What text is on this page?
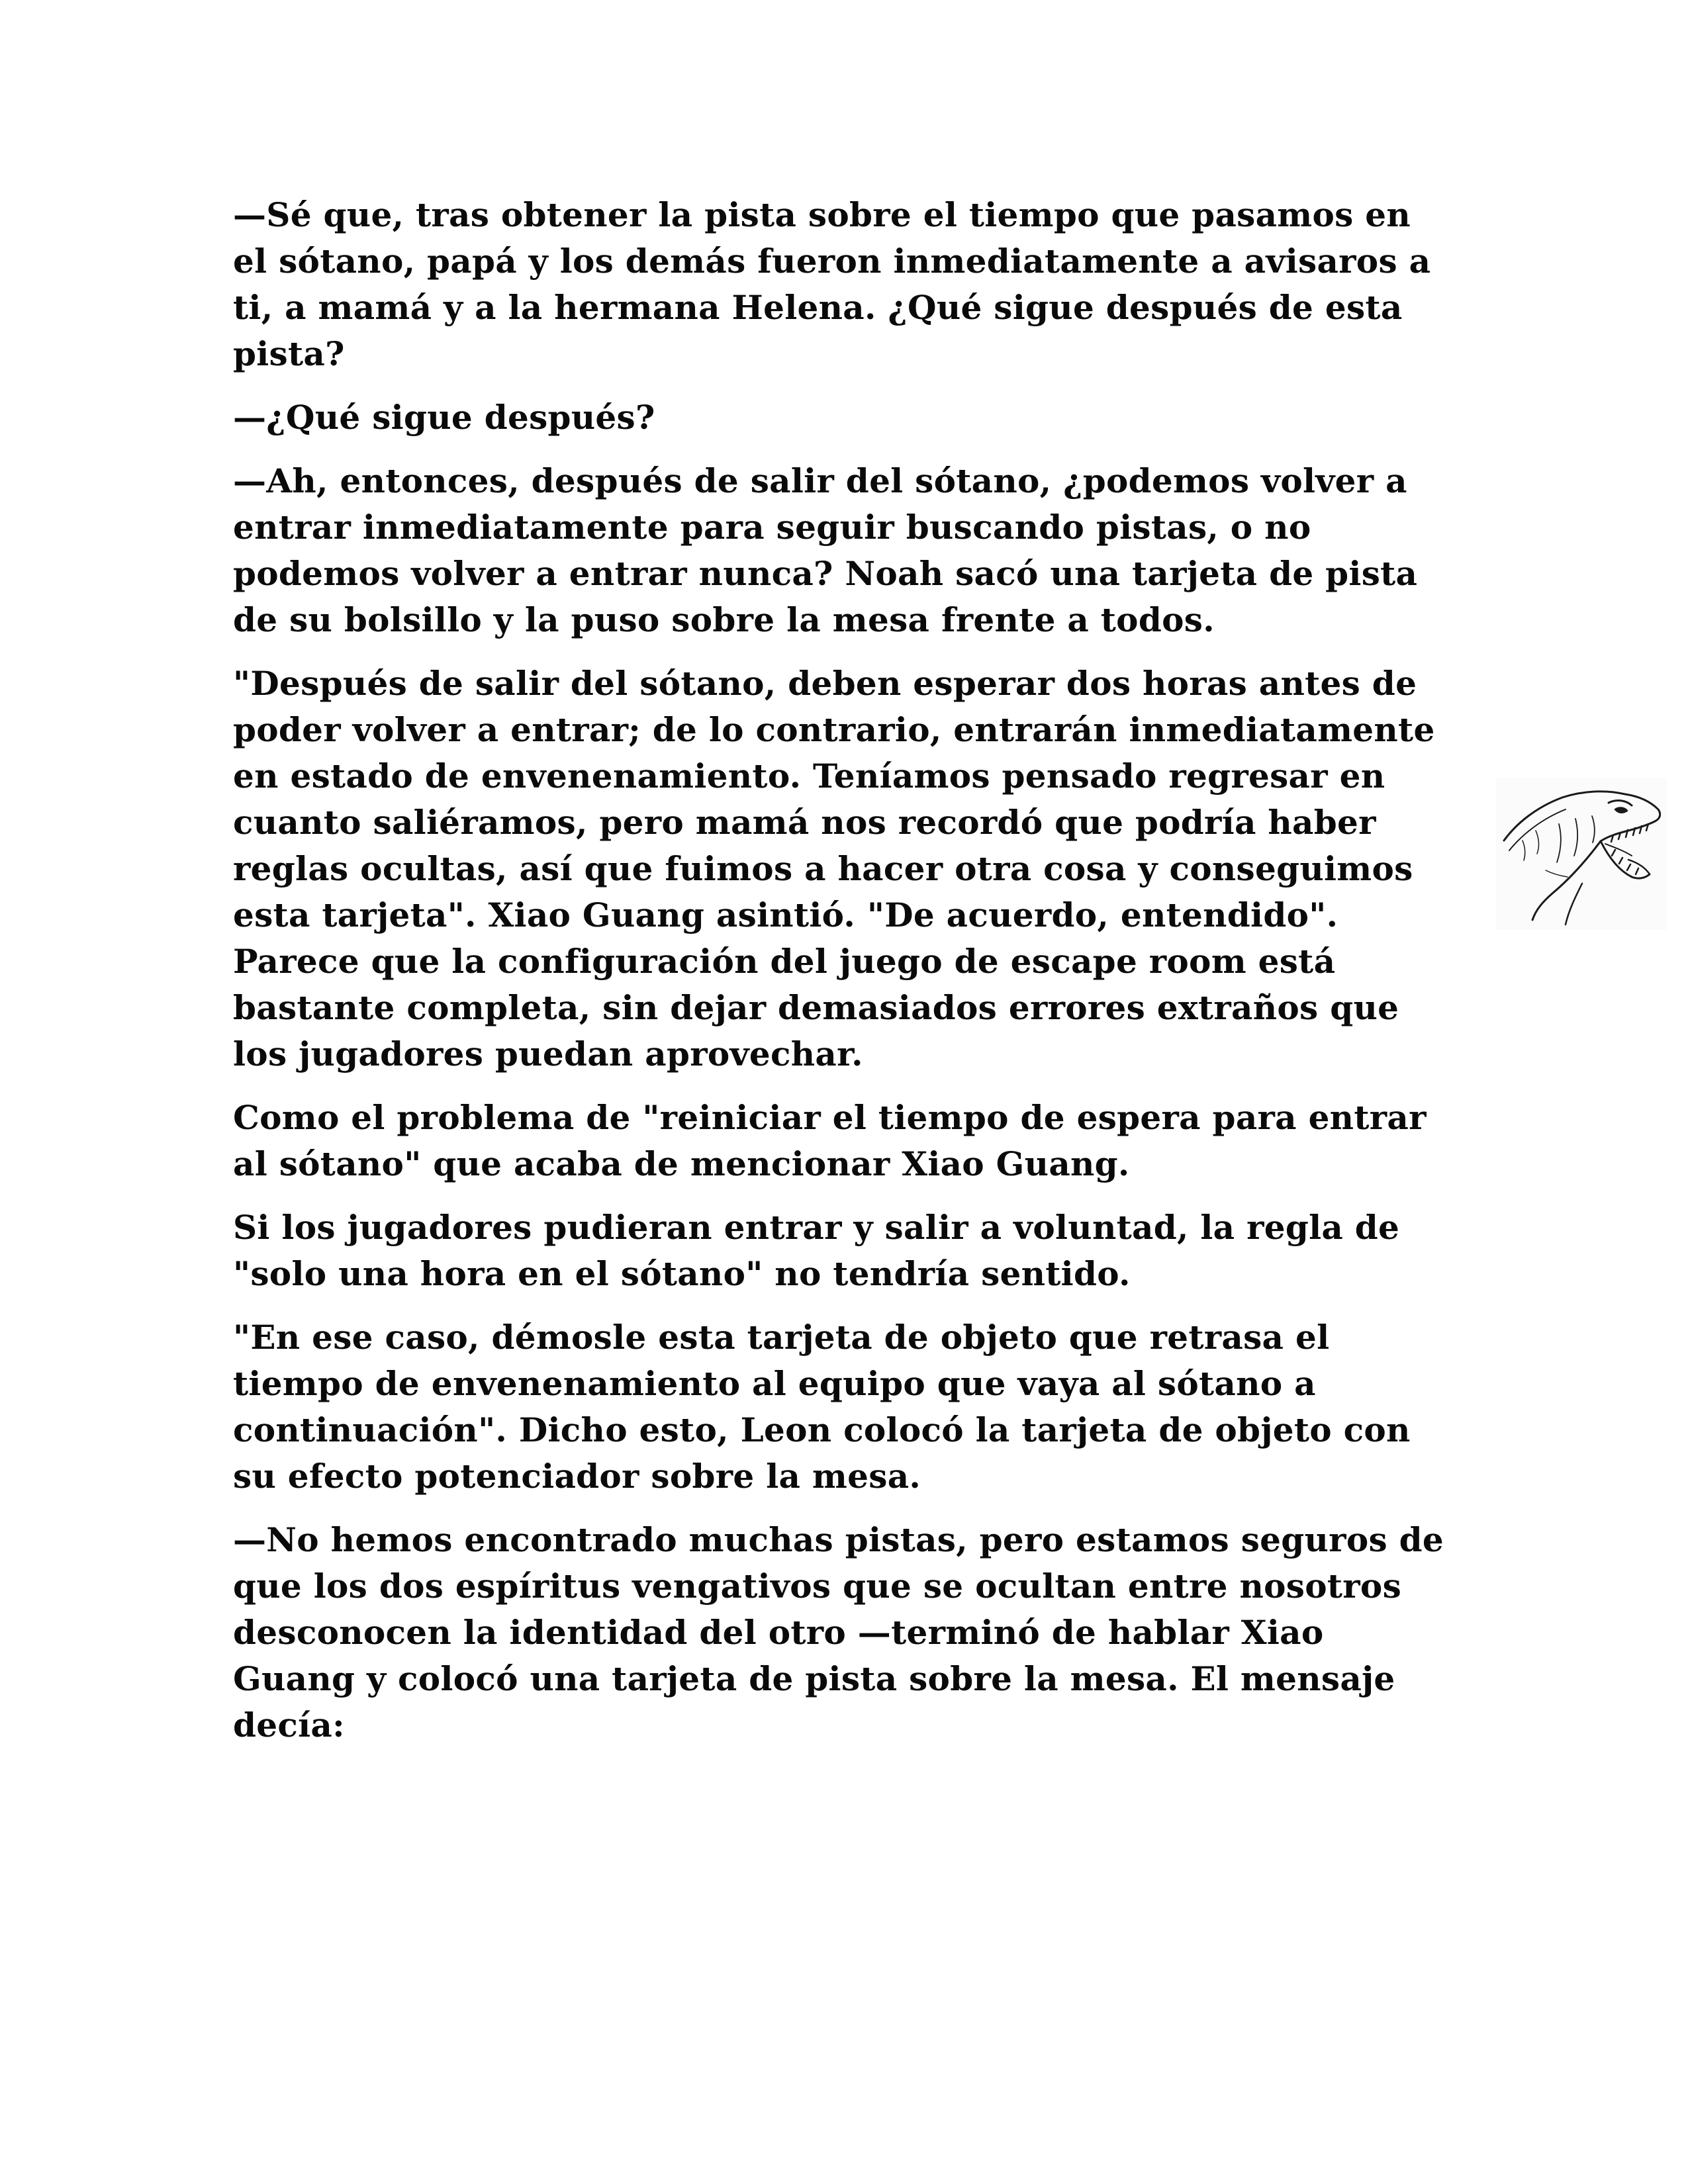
—Sé que, tras obtener la pista sobre el tiempo que pasamos en el sótano, papá y los demás fueron inmediatamente a avisaros a ti, a mamá y a la hermana Helena. ¿Qué sigue después de esta pista?

—¿Qué sigue después?

—Ah, entonces, después de salir del sótano, ¿podemos volver a entrar inmediatamente para seguir buscando pistas, o no podemos volver a entrar nunca? Noah sacó una tarjeta de pista de su bolsillo y la puso sobre la mesa frente a todos.

"Después de salir del sótano, deben esperar dos horas antes de poder volver a entrar; de lo contrario, entrarán inmediatamente en estado de envenenamiento. Teníamos pensado regresar en cuanto saliéramos, pero mamá nos recordó que podría haber reglas ocultas, así que fuimos a hacer otra cosa y conseguimos esta tarjeta". Xiao Guang asintió. "De acuerdo, entendido". Parece que la configuración del juego de escape room está bastante completa, sin dejar demasiados errores extraños que los jugadores puedan aprovechar.

Como el problema de "reiniciar el tiempo de espera para entrar al sótano" que acaba de mencionar Xiao Guang.

Si los jugadores pudieran entrar y salir a voluntad, la regla de "solo una hora en el sótano" no tendría sentido.

"En ese caso, démosle esta tarjeta de objeto que retrasa el tiempo de envenenamiento al equipo que vaya al sótano a continuación". Dicho esto, Leon colocó la tarjeta de objeto con su efecto potenciador sobre la mesa.

—No hemos encontrado muchas pistas, pero estamos seguros de que los dos espíritus vengativos que se ocultan entre nosotros desconocen la identidad del otro —terminó de hablar Xiao Guang y colocó una tarjeta de pista sobre la mesa. El mensaje decía:
